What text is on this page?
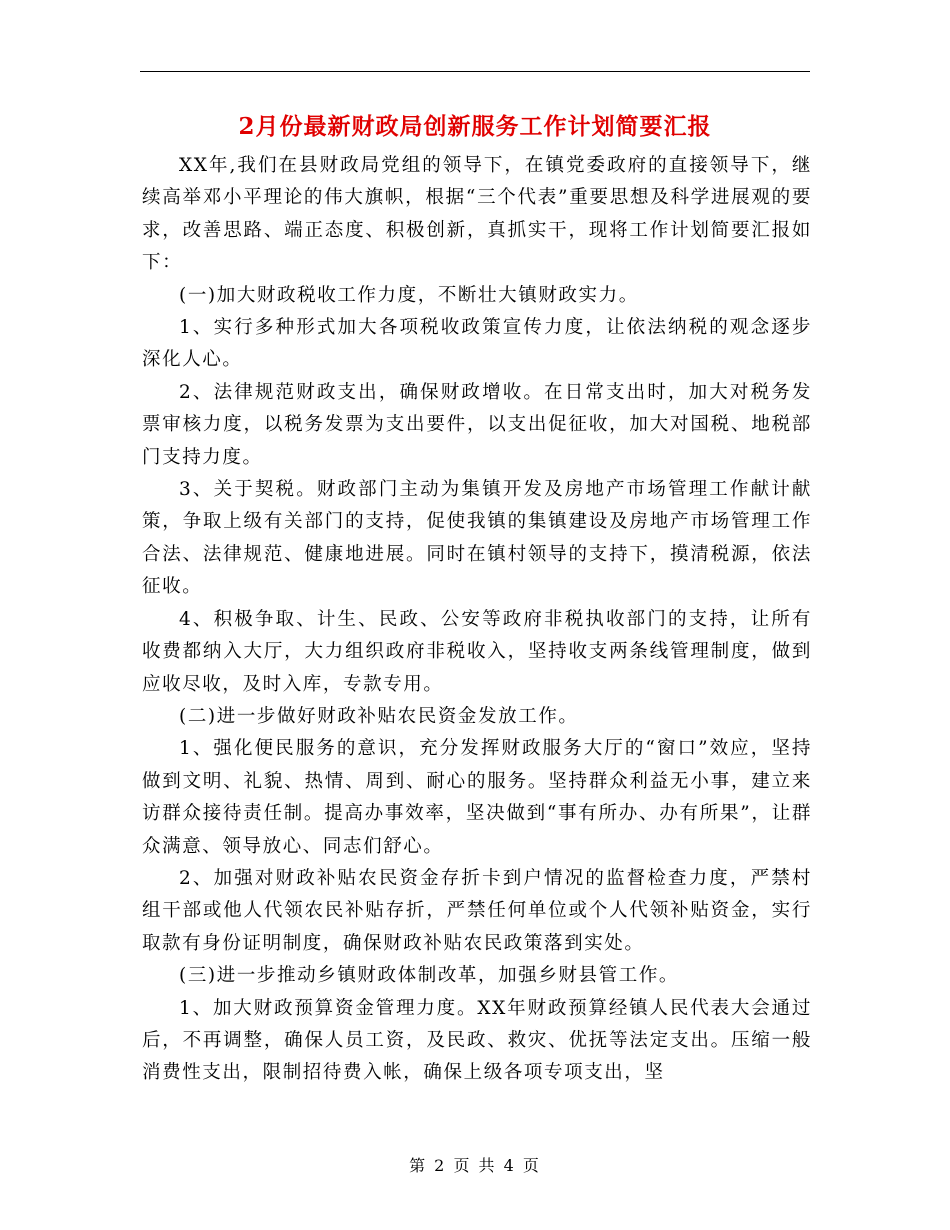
2月份最新财政局创新服务工作计划简要汇报

XX年,我们在县财政局党组的领导下，在镇党委政府的直接领导下，继续高举邓小平理论的伟大旗帜，根据“三个代表”重要思想及科学进展观的要求，改善思路、端正态度、积极创新，真抓实干，现将工作计划简要汇报如下：

(一)加大财政税收工作力度，不断壮大镇财政实力。

1、实行多种形式加大各项税收政策宣传力度，让依法纳税的观念逐步深化人心。

2、法律规范财政支出，确保财政增收。在日常支出时，加大对税务发票审核力度，以税务发票为支出要件，以支出促征收，加大对国税、地税部门支持力度。

3、关于契税。财政部门主动为集镇开发及房地产市场管理工作献计献策，争取上级有关部门的支持，促使我镇的集镇建设及房地产市场管理工作合法、法律规范、健康地进展。同时在镇村领导的支持下，摸清税源，依法征收。

4、积极争取、计生、民政、公安等政府非税执收部门的支持，让所有收费都纳入大厅，大力组织政府非税收入，坚持收支两条线管理制度，做到应收尽收，及时入库，专款专用。

(二)进一步做好财政补贴农民资金发放工作。

1、强化便民服务的意识，充分发挥财政服务大厅的“窗口”效应，坚持做到文明、礼貌、热情、周到、耐心的服务。坚持群众利益无小事，建立来访群众接待责任制。提高办事效率，坚决做到“事有所办、办有所果”，让群众满意、领导放心、同志们舒心。

2、加强对财政补贴农民资金存折卡到户情况的监督检查力度，严禁村组干部或他人代领农民补贴存折，严禁任何单位或个人代领补贴资金，实行取款有身份证明制度，确保财政补贴农民政策落到实处。

(三)进一步推动乡镇财政体制改革，加强乡财县管工作。

1、加大财政预算资金管理力度。XX年财政预算经镇人民代表大会通过后，不再调整，确保人员工资，及民政、救灾、优抚等法定支出。压缩一般消费性支出，限制招待费入帐，确保上级各项专项支出，坚

第 2 页 共 4 页
